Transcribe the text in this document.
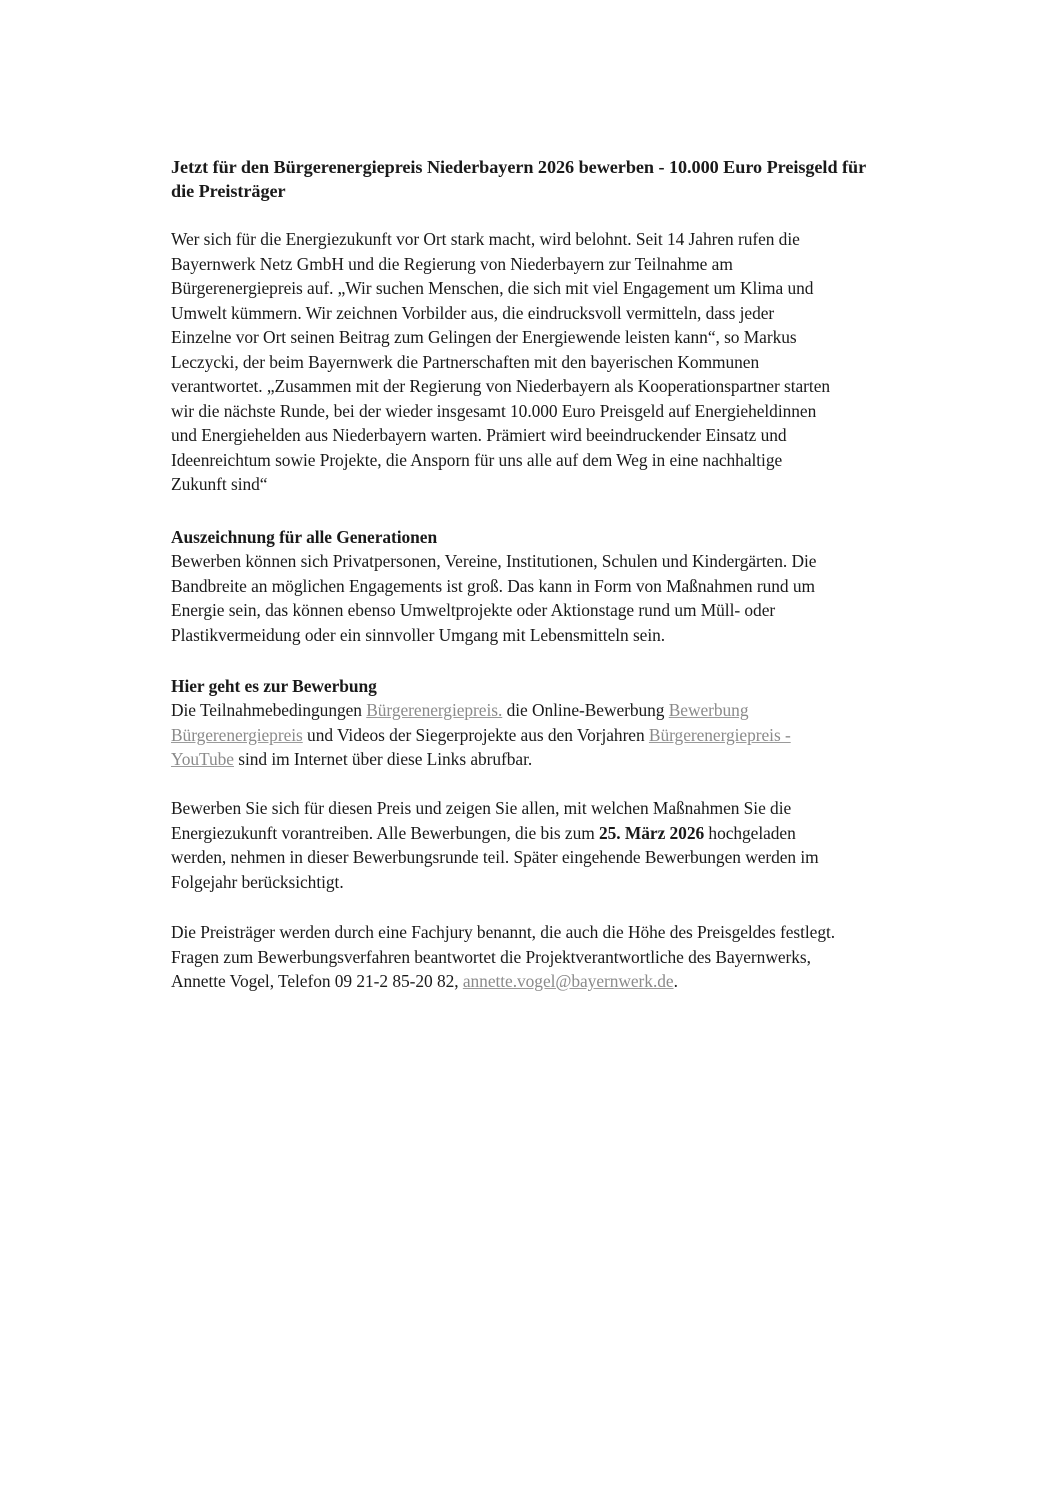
Jetzt für den Bürgerenergiepreis Niederbayern 2026 bewerben - 10.000 Euro Preisgeld für
die Preisträger
Wer sich für die Energiezukunft vor Ort stark macht, wird belohnt. Seit 14 Jahren rufen die
Bayernwerk Netz GmbH und die Regierung von Niederbayern zur Teilnahme am
Bürgerenergiepreis auf. „Wir suchen Menschen, die sich mit viel Engagement um Klima und
Umwelt kümmern. Wir zeichnen Vorbilder aus, die eindrucksvoll vermitteln, dass jeder
Einzelne vor Ort seinen Beitrag zum Gelingen der Energiewende leisten kann“, so Markus
Leczycki, der beim Bayernwerk die Partnerschaften mit den bayerischen Kommunen
verantwortet. „Zusammen mit der Regierung von Niederbayern als Kooperationspartner starten
wir die nächste Runde, bei der wieder insgesamt 10.000 Euro Preisgeld auf Energieheldinnen
und Energiehelden aus Niederbayern warten. Prämiert wird beeindruckender Einsatz und
Ideenreichtum sowie Projekte, die Ansporn für uns alle auf dem Weg in eine nachhaltige
Zukunft sind“
Auszeichnung für alle Generationen
Bewerben können sich Privatpersonen, Vereine, Institutionen, Schulen und Kindergärten. Die
Bandbreite an möglichen Engagements ist groß. Das kann in Form von Maßnahmen rund um
Energie sein, das können ebenso Umweltprojekte oder Aktionstage rund um Müll- oder
Plastikvermeidung oder ein sinnvoller Umgang mit Lebensmitteln sein.
Hier geht es zur Bewerbung
Die Teilnahmebedingungen Bürgerenergiepreis. die Online-Bewerbung Bewerbung
Bürgerenergiepreis und Videos der Siegerprojekte aus den Vorjahren Bürgerenergiepreis -
YouTube sind im Internet über diese Links abrufbar.
Bewerben Sie sich für diesen Preis und zeigen Sie allen, mit welchen Maßnahmen Sie die
Energiezukunft vorantreiben. Alle Bewerbungen, die bis zum 25. März 2026 hochgeladen
werden, nehmen in dieser Bewerbungsrunde teil. Später eingehende Bewerbungen werden im
Folgejahr berücksichtigt.
Die Preisträger werden durch eine Fachjury benannt, die auch die Höhe des Preisgeldes festlegt.
Fragen zum Bewerbungsverfahren beantwortet die Projektverantwortliche des Bayernwerks,
Annette Vogel, Telefon 09 21-2 85-20 82, annette.vogel@bayernwerk.de.
